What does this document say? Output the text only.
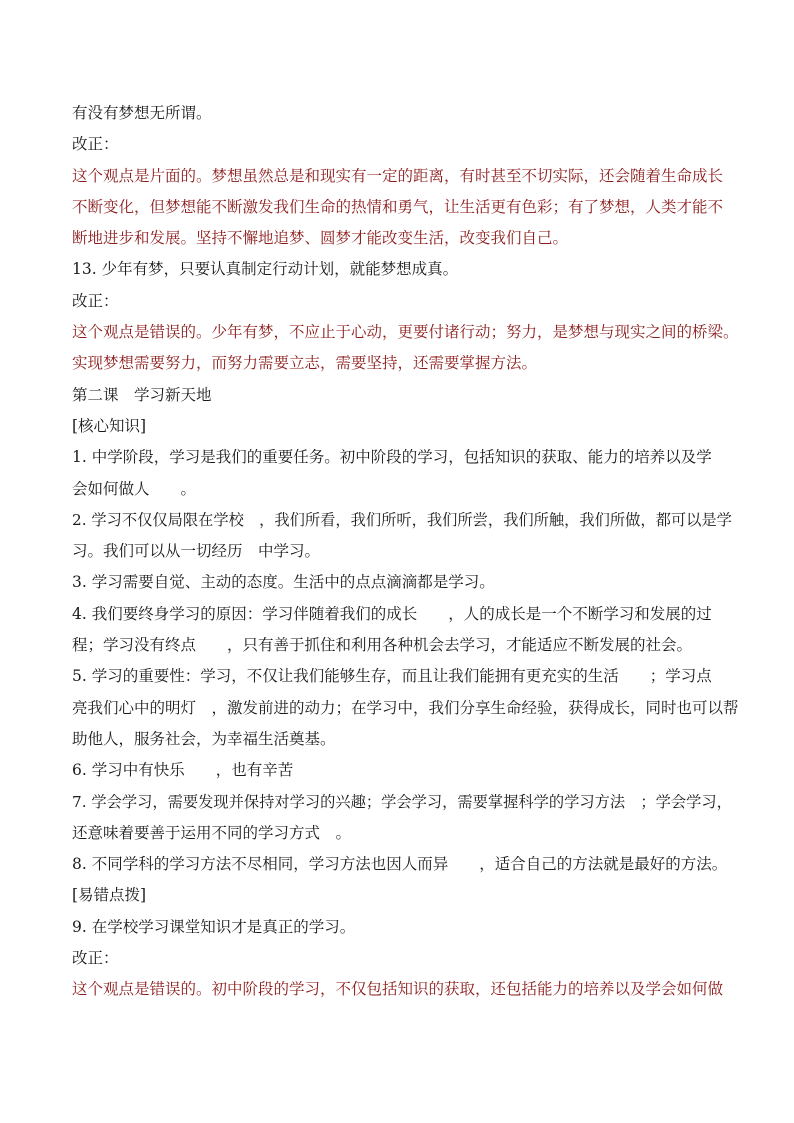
有没有梦想无所谓。
改正：
这个观点是片面的。梦想虽然总是和现实有一定的距离，有时甚至不切实际，还会随着生命成长
不断变化，但梦想能不断激发我们生命的热情和勇气，让生活更有色彩；有了梦想，人类才能不
断地进步和发展。坚持不懈地追梦、圆梦才能改变生活，改变我们自己。
13. 少年有梦，只要认真制定行动计划，就能梦想成真。
改正：
这个观点是错误的。少年有梦，不应止于心动，更要付诸行动；努力，是梦想与现实之间的桥梁。
实现梦想需要努力，而努力需要立志，需要坚持，还需要掌握方法。
第二课　学习新天地
[核心知识]
1. 中学阶段，学习是我们的重要任务。初中阶段的学习，包括知识的获取、能力的培养以及学
会如何做人　　。
2. 学习不仅仅局限在学校　，我们所看，我们所听，我们所尝，我们所触，我们所做，都可以是学
习。我们可以从一切经历　中学习。
3. 学习需要自觉、主动的态度。生活中的点点滴滴都是学习。
4. 我们要终身学习的原因：学习伴随着我们的成长　　，人的成长是一个不断学习和发展的过
程；学习没有终点　　，只有善于抓住和利用各种机会去学习，才能适应不断发展的社会。
5. 学习的重要性：学习，不仅让我们能够生存，而且让我们能拥有更充实的生活　　；学习点
亮我们心中的明灯　，激发前进的动力；在学习中，我们分享生命经验，获得成长，同时也可以帮
助他人，服务社会，为幸福生活奠基。
6. 学习中有快乐　　，也有辛苦
7. 学会学习，需要发现并保持对学习的兴趣；学会学习，需要掌握科学的学习方法　；学会学习，
还意味着要善于运用不同的学习方式　。
8. 不同学科的学习方法不尽相同，学习方法也因人而异　　，适合自己的方法就是最好的方法。
[易错点拨]
9. 在学校学习课堂知识才是真正的学习。
改正：
这个观点是错误的。初中阶段的学习，不仅包括知识的获取，还包括能力的培养以及学会如何做
